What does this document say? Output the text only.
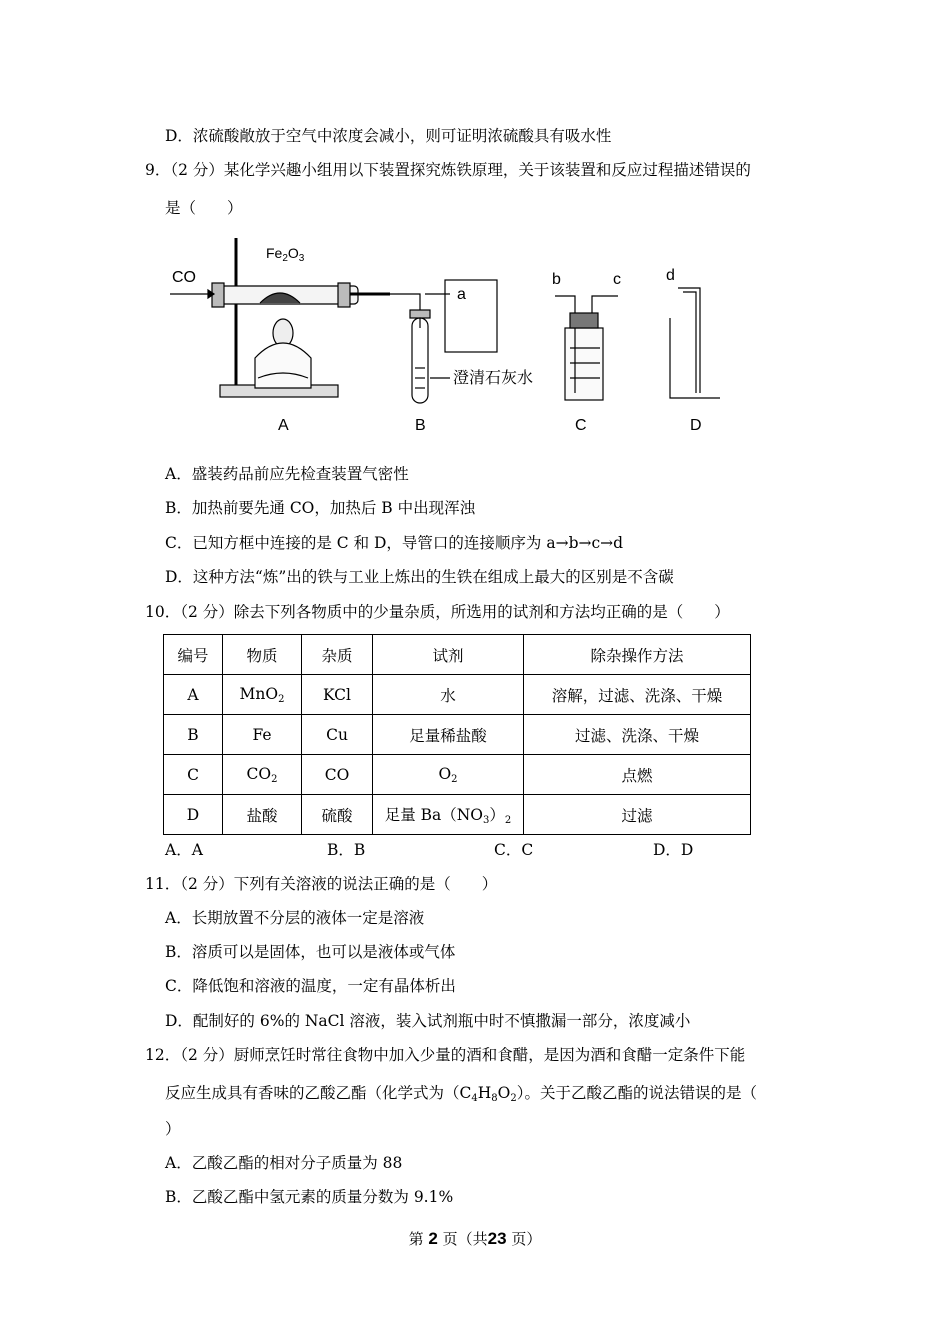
D．浓硫酸敞放于空气中浓度会减小，则可证明浓硫酸具有吸水性
9．（2 分）某化学兴趣小组用以下装置探究炼铁原理，关于该装置和反应过程描述错误的
是（　　）
CO
$Fe_2O_3$
a
b	c	d
澄清石灰水
A	B	C	D
A．盛装药品前应先检查装置气密性
B．加热前要先通 CO，加热后 B 中出现浑浊
C．已知方框中连接的是 C 和 D，导管口的连接顺序为 a→b→c→d
D．这种方法“炼”出的铁与工业上炼出的生铁在组成上最大的区别是不含碳
10．（2 分）除去下列各物质中的少量杂质，所选用的试剂和方法均正确的是（　　）
编号	物质	杂质	试剂	除杂操作方法
A	MnO$_2$	KCl	水	溶解，过滤、洗涤、干燥
B	Fe	Cu	足量稀盐酸	过滤、洗涤、干燥
C	$CO_2$	CO	$O_2$	点燃
D	盐酸	硫酸	足量 $Ba(NO_3)_2$	过滤
A．A	B．B	C．C	D．D
11．（2 分）下列有关溶液的说法正确的是（　　）
A．长期放置不分层的液体一定是溶液
B．溶质可以是固体，也可以是液体或气体
C．降低饱和溶液的温度，一定有晶体析出
D．配制好的 6%的 NaCl 溶液，装入试剂瓶中时不慎撒漏一部分，浓度减小
12．（2 分）厨师烹饪时常往食物中加入少量的酒和食醋，是因为酒和食醋一定条件下能
反应生成具有香味的乙酸乙酯（化学式为$(C_4H_8O_2)$。关于乙酸乙酯的说法错误的是（
）
A．乙酸乙酯的相对分子质量为 88
B．乙酸乙酯中氢元素的质量分数为 9.1%
第 2 页（共23 页）
